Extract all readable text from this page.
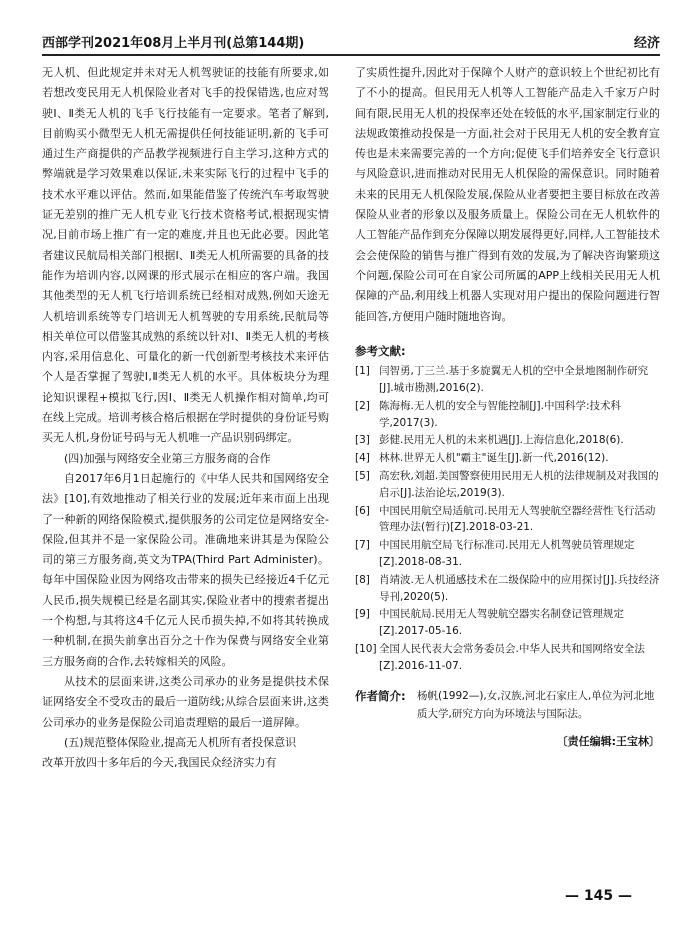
西部学刊2021年08月上半月刊(总第144期)	经济

无人机、但此规定并未对无人机驾驶证的技能有所要求,如若想改变民用无人机保险业者对飞手的投保错选,也应对驾驶Ⅰ、Ⅱ类无人机的飞手飞行技能有一定要求。笔者了解到,目前购买小微型无人机无需提供任何技能证明,新的飞手可通过生产商提供的产品教学视频进行自主学习,这种方式的弊端就是学习效果难以保证,未来实际飞行的过程中飞手的技术水平难以评估。然而,如果能借鉴了传统汽车考取驾驶证无差别的推广无人机专业飞行技术资格考试,根据现实情况,目前市场上推广有一定的难度,并且也无此必要。因此笔者建议民航局相关部门根据Ⅰ、Ⅱ类无人机所需要的具备的技能作为培训内容,以网课的形式展示在相应的客户端。我国其他类型的无人机飞行培训系统已经相对成熟,例如天途无人机培训系统等专门培训无人机驾驶的专用系统,民航局等相关单位可以借鉴其成熟的系统以针对Ⅰ、Ⅱ类无人机的考核内容,采用信息化、可量化的新一代创新型考核技术来评估个人是否掌握了驾驶Ⅰ,Ⅱ类无人机的水平。具体板块分为理论知识课程+模拟飞行,因Ⅰ、Ⅱ类无人机操作相对简单,均可在线上完成。培训考核合格后根据在学时提供的身份证号购买无人机,身份证号码与无人机唯一产品识别码绑定。

(四)加强与网络安全业第三方服务商的合作

自2017年6月1日起施行的《中华人民共和国网络安全法》[10],有效地推动了相关行业的发展;近年来市面上出现了一种新的网络保险模式,提供服务的公司定位是网络安全-保险,但其并不是一家保险公司。准确地来讲其是为保险公司的第三方服务商,英文为TPA(Third Part Administer)。每年中国保险业因为网络攻击带来的损失已经接近4千亿元人民币,损失规模已经是名副其实,保险业者中的搜索者提出一个构想,与其将这4千亿元人民币损失掉,不如将其转换成一种机制,在损失前拿出百分之十作为保费与网络安全业第三方服务商的合作,去转嫁相关的风险。

从技术的层面来讲,这类公司承办的业务是提供技术保证网络安全不受攻击的最后一道防线;从综合层面来讲,这类公司承办的业务是保险公司追责理赔的最后一道屏障。

(五)规范整体保险业,提高无人机所有者投保意识

改革开放四十多年后的今天,我国民众经济实力有

了实质性提升,因此对于保障个人财产的意识较上个世纪初比有了不小的提高。但民用无人机等人工智能产品走入千家万户时间有限,民用无人机的投保率还处在较低的水平,国家制定行业的法规政策推动投保是一方面,社会对于民用无人机的安全教育宣传也是未来需要完善的一个方向;促使飞手们培养安全飞行意识与风险意识,进而推动对民用无人机保险的需保意识。同时随着未来的民用无人机保险发展,保险从业者要把主要目标放在改善保险从业者的形象以及服务质量上。保险公司在无人机软件的人工智能产品作到充分保障以期发展得更好,同样,人工智能技术会会使保险的销售与推广得到有效的发展,为了解决咨询繁琐这个问题,保险公司可在自家公司所属的APP上线相关民用无人机保障的产品,利用线上机器人实现对用户提出的保险问题进行智能回答,方便用户随时随地咨询。

参考文献:
[1] 闫智勇,丁三兰.基于多旋翼无人机的空中全景地图制作研究[J].城市勘测,2016(2).
[2] 陈海梅.无人机的安全与智能控制[J].中国科学:技术科学,2017(3).
[3] 彭健.民用无人机的未来机遇[J].上海信息化,2018(6).
[4] 林林.世界无人机"霸主"诞生[J].新一代,2016(12).
[5] 高宏秋,刘超.美国警察使用民用无人机的法律规制及对我国的启示[J].法治论坛,2019(3).
[6] 中国民用航空局适航司.民用无人驾驶航空器经营性飞行活动管理办法(暂行)[Z].2018-03-21.
[7] 中国民用航空局飞行标准司.民用无人机驾驶员管理规定[Z].2018-08-31.
[8] 肖靖波.无人机通感技术在二级保险中的应用探讨[J].兵技经济导刊,2020(5).
[9] 中国民航局.民用无人驾驶航空器实名制登记管理规定[Z].2017-05-16.
[10] 全国人民代表大会常务委员会.中华人民共和国网络安全法[Z].2016-11-07.
作者简介:	杨帆(1992—),女,汉族,河北石家庄人,单位为河北地质大学,研究方向为环境法与国际法。
〔责任编辑:王宝林〕
— 145 —
